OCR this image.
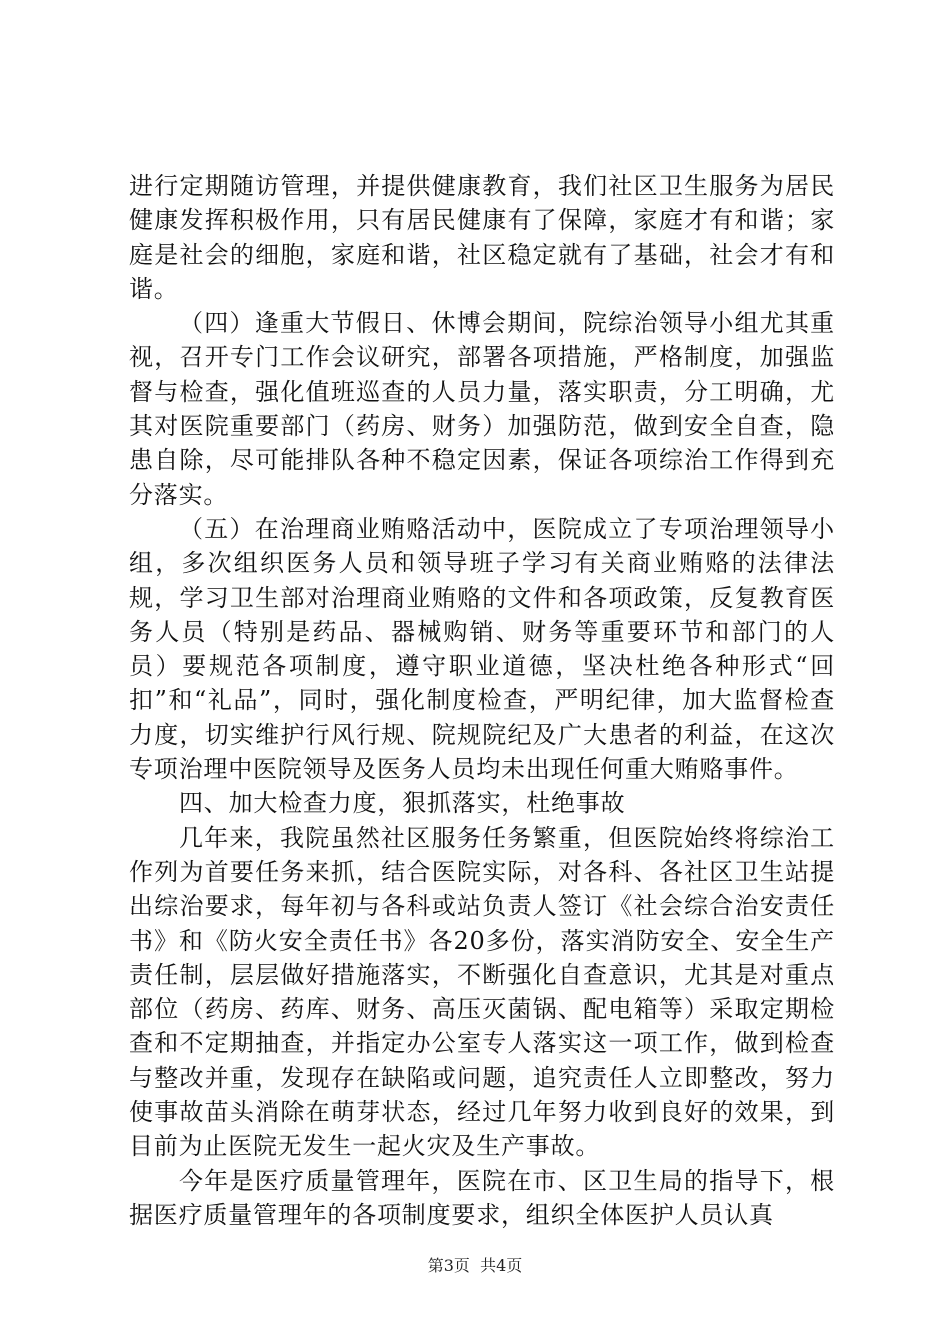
进行定期随访管理，并提供健康教育，我们社区卫生服务为居民健康发挥积极作用，只有居民健康有了保障，家庭才有和谐；家庭是社会的细胞，家庭和谐，社区稳定就有了基础，社会才有和谐。

（四）逢重大节假日、休博会期间，院综治领导小组尤其重视，召开专门工作会议研究，部署各项措施，严格制度，加强监督与检查，强化值班巡查的人员力量，落实职责，分工明确，尤其对医院重要部门（药房、财务）加强防范，做到安全自查，隐患自除，尽可能排队各种不稳定因素，保证各项综治工作得到充分落实。

（五）在治理商业贿赂活动中，医院成立了专项治理领导小组，多次组织医务人员和领导班子学习有关商业贿赂的法律法规，学习卫生部对治理商业贿赂的文件和各项政策，反复教育医务人员（特别是药品、器械购销、财务等重要环节和部门的人员）要规范各项制度，遵守职业道德，坚决杜绝各种形式“回扣”和“礼品”，同时，强化制度检查，严明纪律，加大监督检查力度，切实维护行风行规、院规院纪及广大患者的利益，在这次专项治理中医院领导及医务人员均未出现任何重大贿赂事件。

四、加大检查力度，狠抓落实，杜绝事故

几年来，我院虽然社区服务任务繁重，但医院始终将综治工作列为首要任务来抓，结合医院实际，对各科、各社区卫生站提出综治要求，每年初与各科或站负责人签订《社会综合治安责任书》和《防火安全责任书》各20多份，落实消防安全、安全生产责任制，层层做好措施落实，不断强化自查意识，尤其是对重点部位（药房、药库、财务、高压灭菌锅、配电箱等）采取定期检查和不定期抽查，并指定办公室专人落实这一项工作，做到检查与整改并重，发现存在缺陷或问题，追究责任人立即整改，努力使事故苗头消除在萌芽状态，经过几年努力收到良好的效果，到目前为止医院无发生一起火灾及生产事故。

今年是医疗质量管理年，医院在市、区卫生局的指导下，根据医疗质量管理年的各项制度要求，组织全体医护人员认真

第3页  共4页
